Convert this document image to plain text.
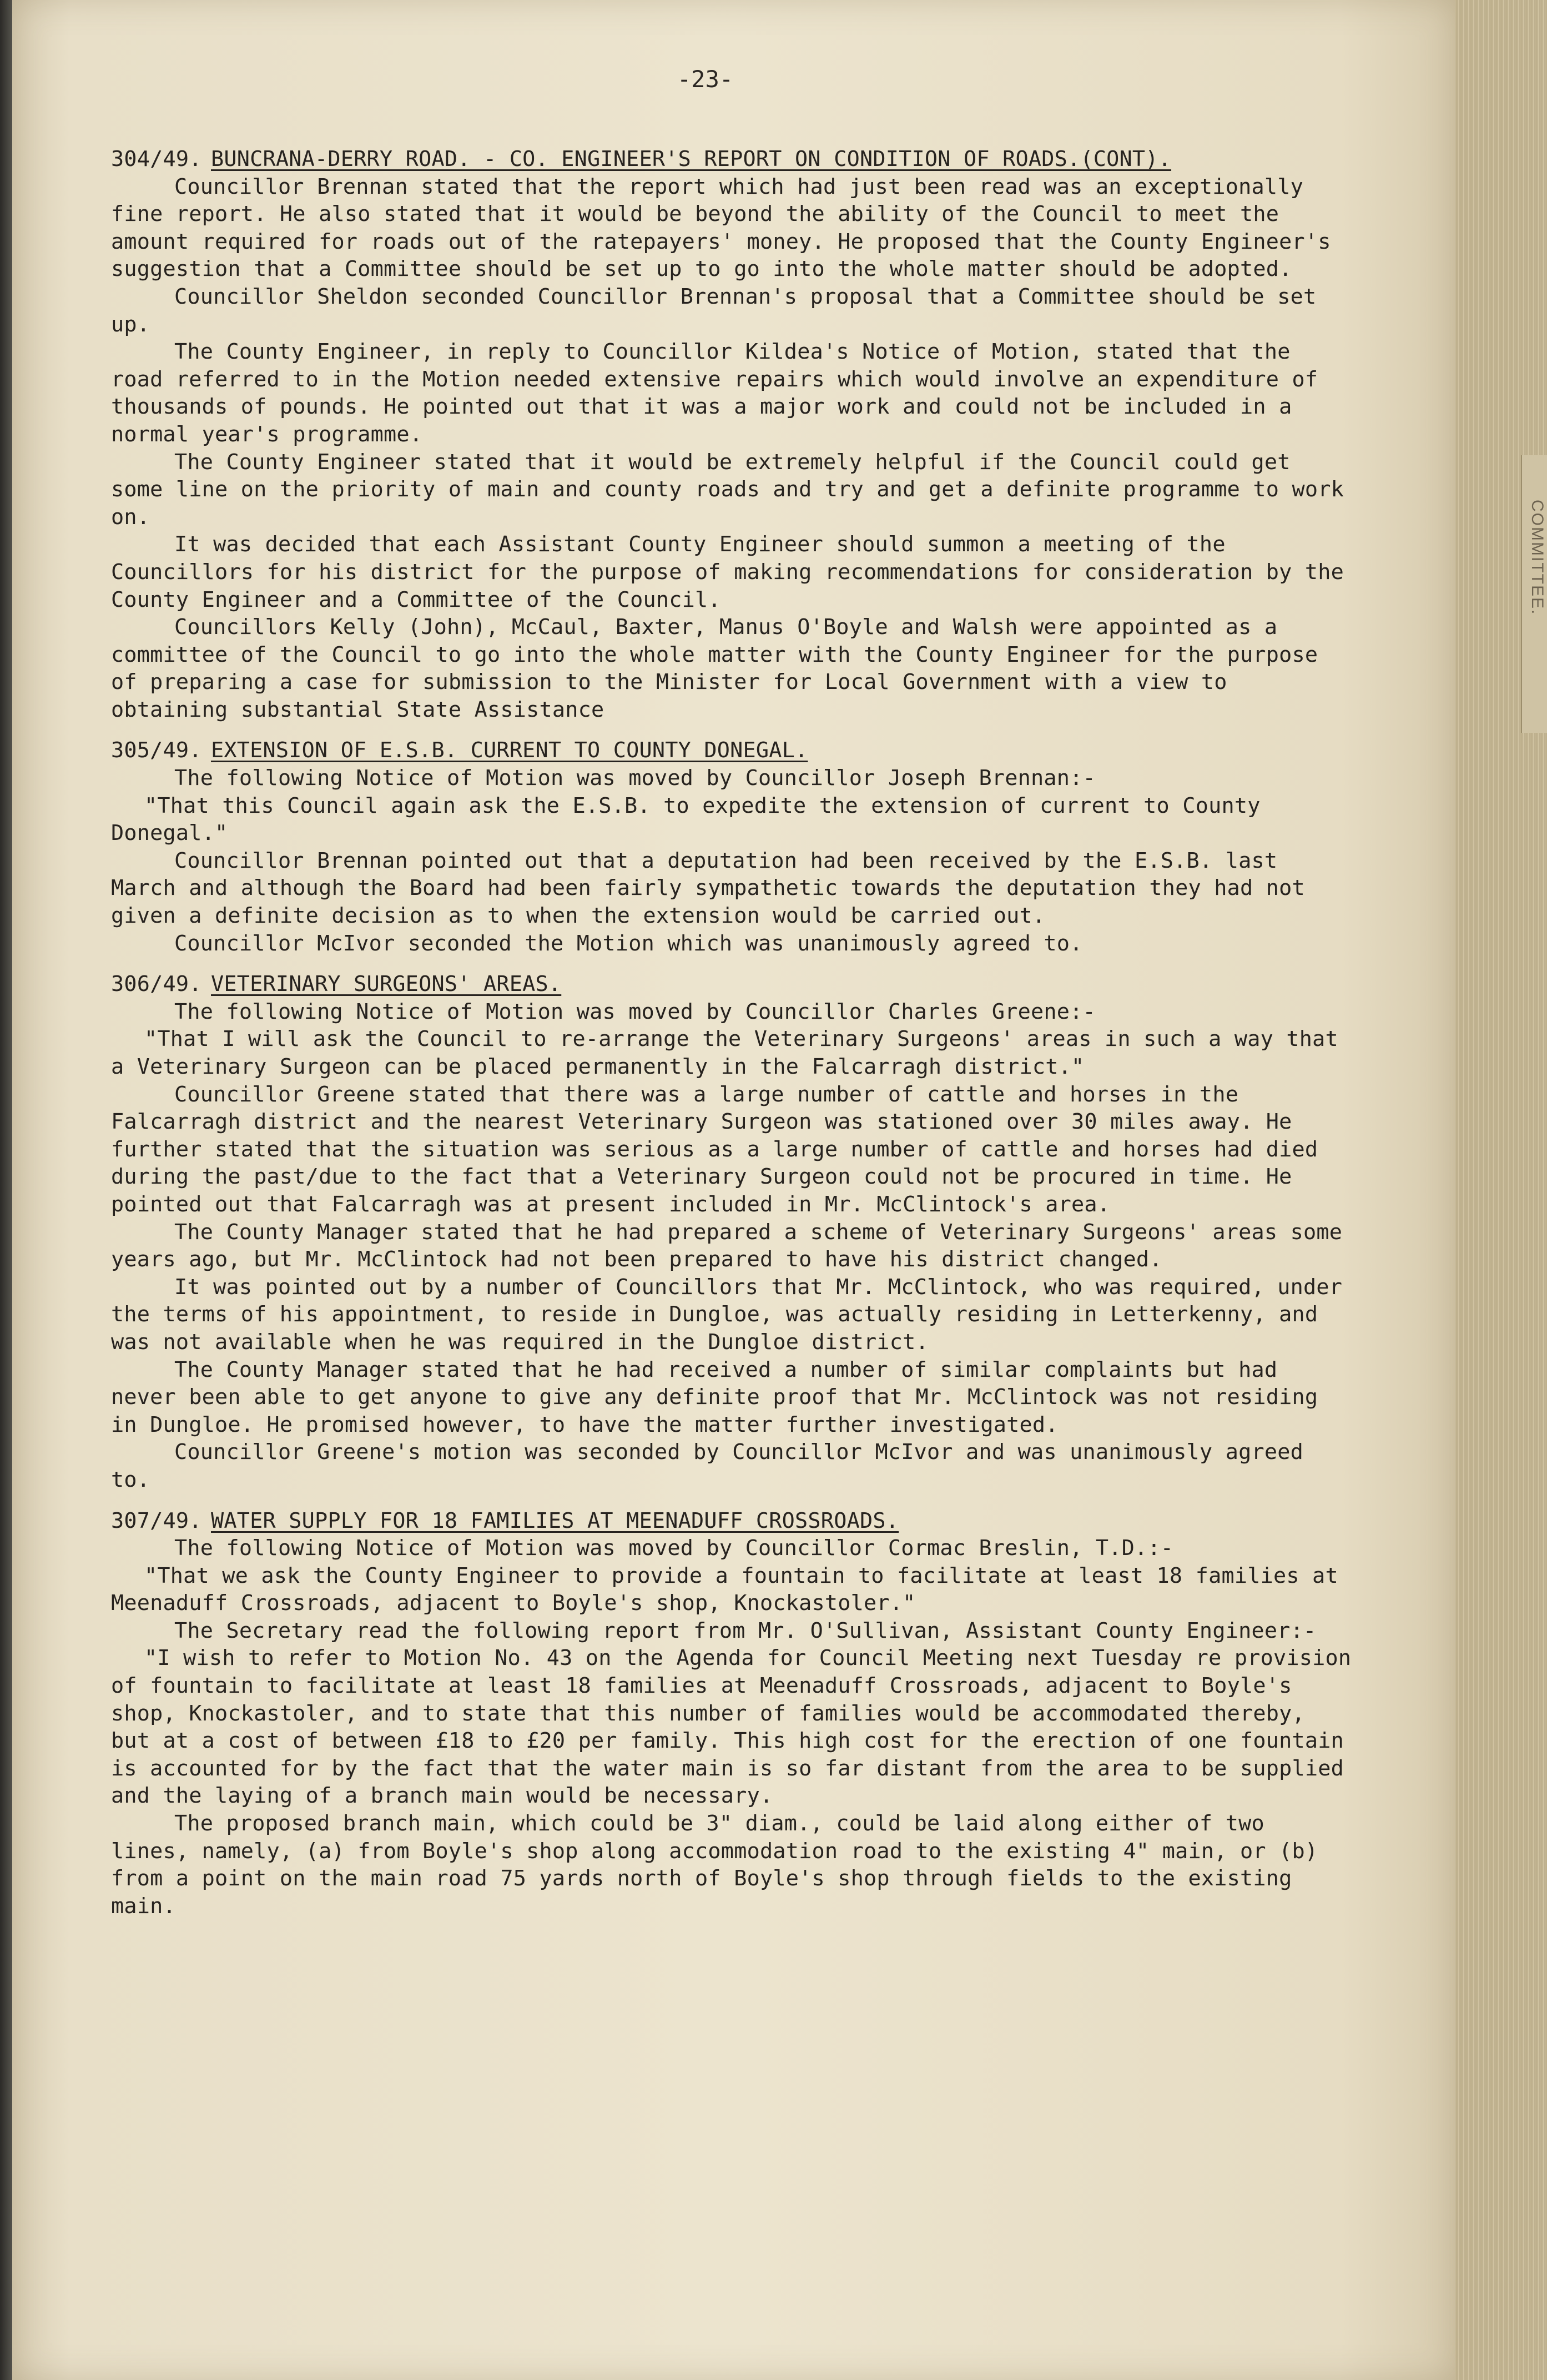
COMMITTEE.
-23-
304/49. BUNCRANA-DERRY ROAD. - CO. ENGINEER'S REPORT ON CONDITION OF ROADS.(CONT).

Councillor Brennan stated that the report which had just been read was an exceptionally fine report. He also stated that it would be beyond the ability of the Council to meet the amount required for roads out of the ratepayers' money. He proposed that the County Engineer's suggestion that a Committee should be set up to go into the whole matter should be adopted.

Councillor Sheldon seconded Councillor Brennan's proposal that a Committee should be set up.

The County Engineer, in reply to Councillor Kildea's Notice of Motion, stated that the road referred to in the Motion needed extensive repairs which would involve an expenditure of thousands of pounds. He pointed out that it was a major work and could not be included in a normal year's programme.

The County Engineer stated that it would be extremely helpful if the Council could get some line on the priority of main and county roads and try and get a definite programme to work on.

It was decided that each Assistant County Engineer should summon a meeting of the Councillors for his district for the purpose of making recommendations for consideration by the County Engineer and a Committee of the Council.

Councillors Kelly (John), McCaul, Baxter, Manus O'Boyle and Walsh were appointed as a committee of the Council to go into the whole matter with the County Engineer for the purpose of preparing a case for submission to the Minister for Local Government with a view to obtaining substantial State Assistance

305/49. EXTENSION OF E.S.B. CURRENT TO COUNTY DONEGAL.

The following Notice of Motion was moved by Councillor Joseph Brennan:-

"That this Council again ask the E.S.B. to expedite the extension of current to County Donegal."

Councillor Brennan pointed out that a deputation had been received by the E.S.B. last March and although the Board had been fairly sympathetic towards the deputation they had not given a definite decision as to when the extension would be carried out.

Councillor McIvor seconded the Motion which was unanimously agreed to.

306/49. VETERINARY SURGEONS' AREAS.

The following Notice of Motion was moved by Councillor Charles Greene:-

"That I will ask the Council to re-arrange the Veterinary Surgeons' areas in such a way that a Veterinary Surgeon can be placed permanently in the Falcarragh district."

Councillor Greene stated that there was a large number of cattle and horses in the Falcarragh district and the nearest Veterinary Surgeon was stationed over 30 miles away. He further stated that the situation was serious as a large number of cattle and horses had died during the past/due to the fact that a Veterinary Surgeon could not be procured in time. He pointed out that Falcarragh was at present included in Mr. McClintock's area.

The County Manager stated that he had prepared a scheme of Veterinary Surgeons' areas some years ago, but Mr. McClintock had not been prepared to have his district changed.

It was pointed out by a number of Councillors that Mr. McClintock, who was required, under the terms of his appointment, to reside in Dungloe, was actually residing in Letterkenny, and was not available when he was required in the Dungloe district.

The County Manager stated that he had received a number of similar complaints but had never been able to get anyone to give any definite proof that Mr. McClintock was not residing in Dungloe. He promised however, to have the matter further investigated.

Councillor Greene's motion was seconded by Councillor McIvor and was unanimously agreed to.

307/49. WATER SUPPLY FOR 18 FAMILIES AT MEENADUFF CROSSROADS.

The following Notice of Motion was moved by Councillor Cormac Breslin, T.D.:-

"That we ask the County Engineer to provide a fountain to facilitate at least 18 families at Meenaduff Crossroads, adjacent to Boyle's shop, Knockastoler."

The Secretary read the following report from Mr. O'Sullivan, Assistant County Engineer:-

"I wish to refer to Motion No. 43 on the Agenda for Council Meeting next Tuesday re provision of fountain to facilitate at least 18 families at Meenaduff Crossroads, adjacent to Boyle's shop, Knockastoler, and to state that this number of families would be accommodated thereby, but at a cost of between £18 to £20 per family. This high cost for the erection of one fountain is accounted for by the fact that the water main is so far distant from the area to be supplied and the laying of a branch main would be necessary.

The proposed branch main, which could be 3" diam., could be laid along either of two lines, namely, (a) from Boyle's shop along accommodation road to the existing 4" main, or (b) from a point on the main road 75 yards north of Boyle's shop through fields to the existing main.
